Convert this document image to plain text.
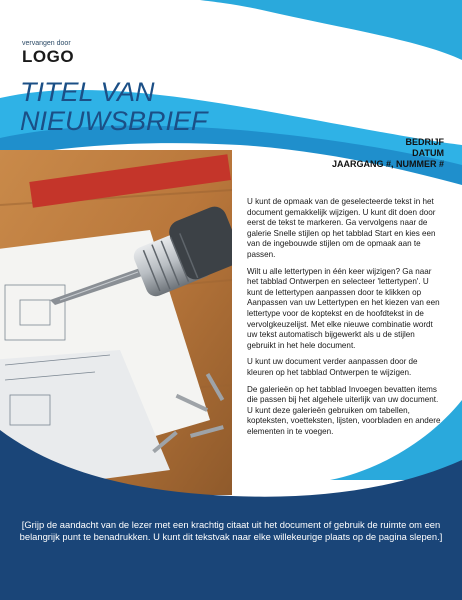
vervangen door
LOGO
TITEL VAN NIEUWSBRIEF
BEDRIJF
DATUM
JAARGANG #, NUMMER #

U kunt de opmaak van de geselecteerde tekst in het document gemakkelijk wijzigen. U kunt dit doen door eerst de tekst te markeren. Ga vervolgens naar de galerie Snelle stijlen op het tabblad Start en kies een van de ingebouwde stijlen om de opmaak aan te passen.

Wilt u alle lettertypen in één keer wijzigen? Ga naar het tabblad Ontwerpen en selecteer 'lettertypen'. U kunt de lettertypen aanpassen door te klikken op Aanpassen van uw Lettertypen en het kiezen van een lettertype voor de koptekst en de hoofdtekst in de vervolgkeuzelijst. Met elke nieuwe combinatie wordt uw tekst automatisch bijgewerkt als u de stijlen gebruikt in het hele document.

U kunt uw document verder aanpassen door de kleuren op het tabblad Ontwerpen te wijzigen.

De galerieën op het tabblad Invoegen bevatten items die passen bij het algehele uiterlijk van uw document. U kunt deze galerieën gebruiken om tabellen, kopteksten, voetteksten, lijsten, voorbladen en andere elementen in te voegen.

[Grijp de aandacht van de lezer met een krachtig citaat uit het document of gebruik de ruimte om een belangrijk punt te benadrukken. U kunt dit tekstvak naar elke willekeurige plaats op de pagina slepen.]
